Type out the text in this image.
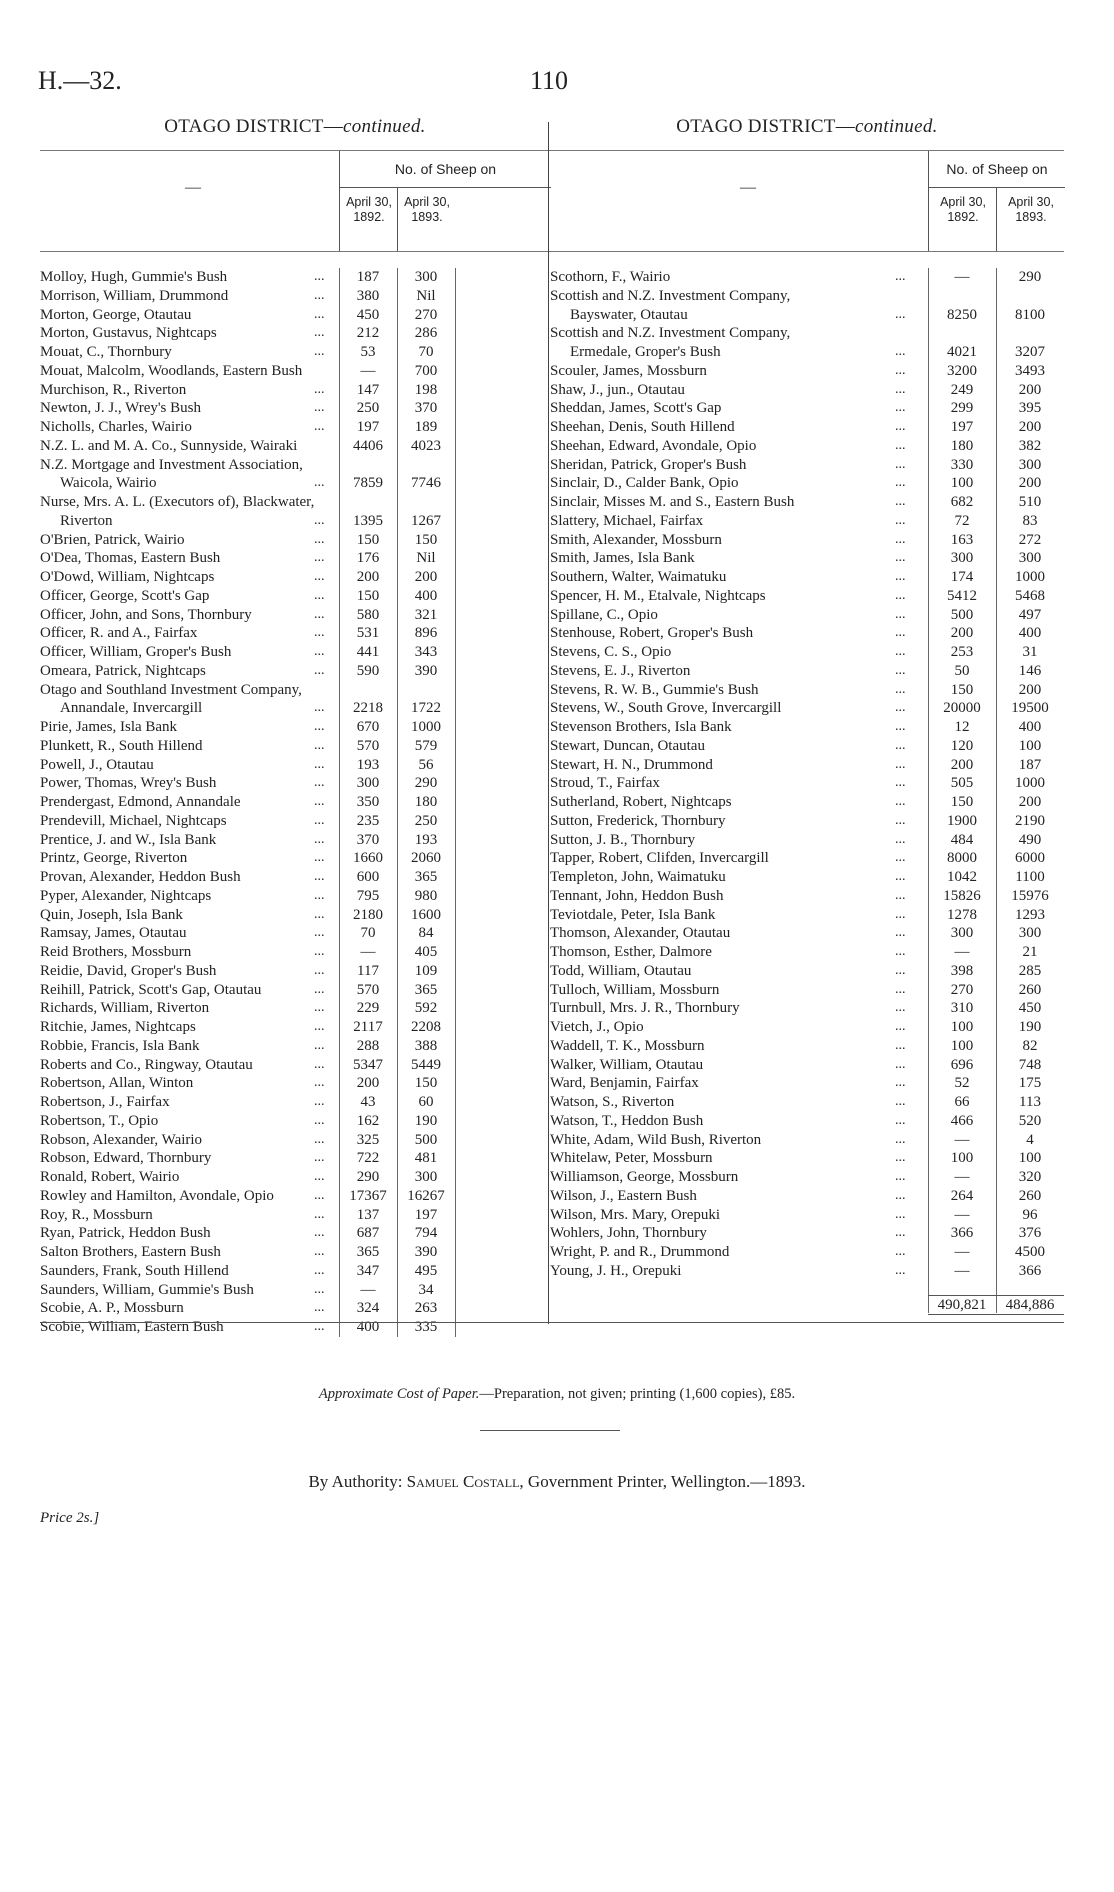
H.—32.	110
OTAGO DISTRICT—continued.
—
No. of Sheep on
April 30, 1892.
April 30, 1893.
Molloy, Hugh, Gummie's Bush	...	187	300
Morrison, William, Drummond	...	380	Nil
Morton, George, Otautau	...	450	270
Morton, Gustavus, Nightcaps	...	212	286
Mouat, C., Thornbury	...	53	70
Mouat, Malcolm, Woodlands, Eastern Bush	—	700
Murchison, R., Riverton	...	147	198
Newton, J. J., Wrey's Bush	...	250	370
Nicholls, Charles, Wairio	...	197	189
N.Z. L. and M. A. Co., Sunnyside, Wairaki	4406	4023
N.Z. Mortgage and Investment Association,
Waicola, Wairio	...	7859	7746
Nurse, Mrs. A. L. (Executors of), Blackwater,
Riverton	...	1395	1267
O'Brien, Patrick, Wairio	...	150	150
O'Dea, Thomas, Eastern Bush	...	176	Nil
O'Dowd, William, Nightcaps	...	200	200
Officer, George, Scott's Gap	...	150	400
Officer, John, and Sons, Thornbury	...	580	321
Officer, R. and A., Fairfax	...	531	896
Officer, William, Groper's Bush	...	441	343
Omeara, Patrick, Nightcaps	...	590	390
Otago and Southland Investment Company,
Annandale, Invercargill	...	2218	1722
Pirie, James, Isla Bank	...	670	1000
Plunkett, R., South Hillend	...	570	579
Powell, J., Otautau	...	193	56
Power, Thomas, Wrey's Bush	...	300	290
Prendergast, Edmond, Annandale	...	350	180
Prendevill, Michael, Nightcaps	...	235	250
Prentice, J. and W., Isla Bank	...	370	193
Printz, George, Riverton	...	1660	2060
Provan, Alexander, Heddon Bush	...	600	365
Pyper, Alexander, Nightcaps	...	795	980
Quin, Joseph, Isla Bank	...	2180	1600
Ramsay, James, Otautau	...	70	84
Reid Brothers, Mossburn	...	—	405
Reidie, David, Groper's Bush	...	117	109
Reihill, Patrick, Scott's Gap, Otautau	...	570	365
Richards, William, Riverton	...	229	592
Ritchie, James, Nightcaps	...	2117	2208
Robbie, Francis, Isla Bank	...	288	388
Roberts and Co., Ringway, Otautau	...	5347	5449
Robertson, Allan, Winton	...	200	150
Robertson, J., Fairfax	...	43	60
Robertson, T., Opio	...	162	190
Robson, Alexander, Wairio	...	325	500
Robson, Edward, Thornbury	...	722	481
Ronald, Robert, Wairio	...	290	300
Rowley and Hamilton, Avondale, Opio	...	17367	16267
Roy, R., Mossburn	...	137	197
Ryan, Patrick, Heddon Bush	...	687	794
Salton Brothers, Eastern Bush	...	365	390
Saunders, Frank, South Hillend	...	347	495
Saunders, William, Gummie's Bush	...	—	34
Scobie, A. P., Mossburn	...	324	263
Scobie, William, Eastern Bush	...	400	335
OTAGO DISTRICT—continued.
—
No. of Sheep on
April 30, 1892.
April 30, 1893.
Scothorn, F., Wairio	...	—	290
Scottish and N.Z. Investment Company,
Bayswater, Otautau	...	8250	8100
Scottish and N.Z. Investment Company,
Ermedale, Groper's Bush	...	4021	3207
Scouler, James, Mossburn	...	3200	3493
Shaw, J., jun., Otautau	...	249	200
Sheddan, James, Scott's Gap	...	299	395
Sheehan, Denis, South Hillend	...	197	200
Sheehan, Edward, Avondale, Opio	...	180	382
Sheridan, Patrick, Groper's Bush	...	330	300
Sinclair, D., Calder Bank, Opio	...	100	200
Sinclair, Misses M. and S., Eastern Bush	...	682	510
Slattery, Michael, Fairfax	...	72	83
Smith, Alexander, Mossburn	...	163	272
Smith, James, Isla Bank	...	300	300
Southern, Walter, Waimatuku	...	174	1000
Spencer, H. M., Etalvale, Nightcaps	...	5412	5468
Spillane, C., Opio	...	500	497
Stenhouse, Robert, Groper's Bush	...	200	400
Stevens, C. S., Opio	...	253	31
Stevens, E. J., Riverton	...	50	146
Stevens, R. W. B., Gummie's Bush	...	150	200
Stevens, W., South Grove, Invercargill	...	20000	19500
Stevenson Brothers, Isla Bank	...	12	400
Stewart, Duncan, Otautau	...	120	100
Stewart, H. N., Drummond	...	200	187
Stroud, T., Fairfax	...	505	1000
Sutherland, Robert, Nightcaps	...	150	200
Sutton, Frederick, Thornbury	...	1900	2190
Sutton, J. B., Thornbury	...	484	490
Tapper, Robert, Clifden, Invercargill	...	8000	6000
Templeton, John, Waimatuku	...	1042	1100
Tennant, John, Heddon Bush	...	15826	15976
Teviotdale, Peter, Isla Bank	...	1278	1293
Thomson, Alexander, Otautau	...	300	300
Thomson, Esther, Dalmore	...	—	21
Todd, William, Otautau	...	398	285
Tulloch, William, Mossburn	...	270	260
Turnbull, Mrs. J. R., Thornbury	...	310	450
Vietch, J., Opio	...	100	190
Waddell, T. K., Mossburn	...	100	82
Walker, William, Otautau	...	696	748
Ward, Benjamin, Fairfax	...	52	175
Watson, S., Riverton	...	66	113
Watson, T., Heddon Bush	...	466	520
White, Adam, Wild Bush, Riverton	...	—	4
Whitelaw, Peter, Mossburn	...	100	100
Williamson, George, Mossburn	...	—	320
Wilson, J., Eastern Bush	...	264	260
Wilson, Mrs. Mary, Orepuki	...	—	96
Wohlers, John, Thornbury	...	366	376
Wright, P. and R., Drummond	...	—	4500
Young, J. H., Orepuki	...	—	366
490,821	484,886
Approximate Cost of Paper.—Preparation, not given; printing (1,600 copies), £85.
By Authority: Samuel Costall, Government Printer, Wellington.—1893.
Price 2s.]
